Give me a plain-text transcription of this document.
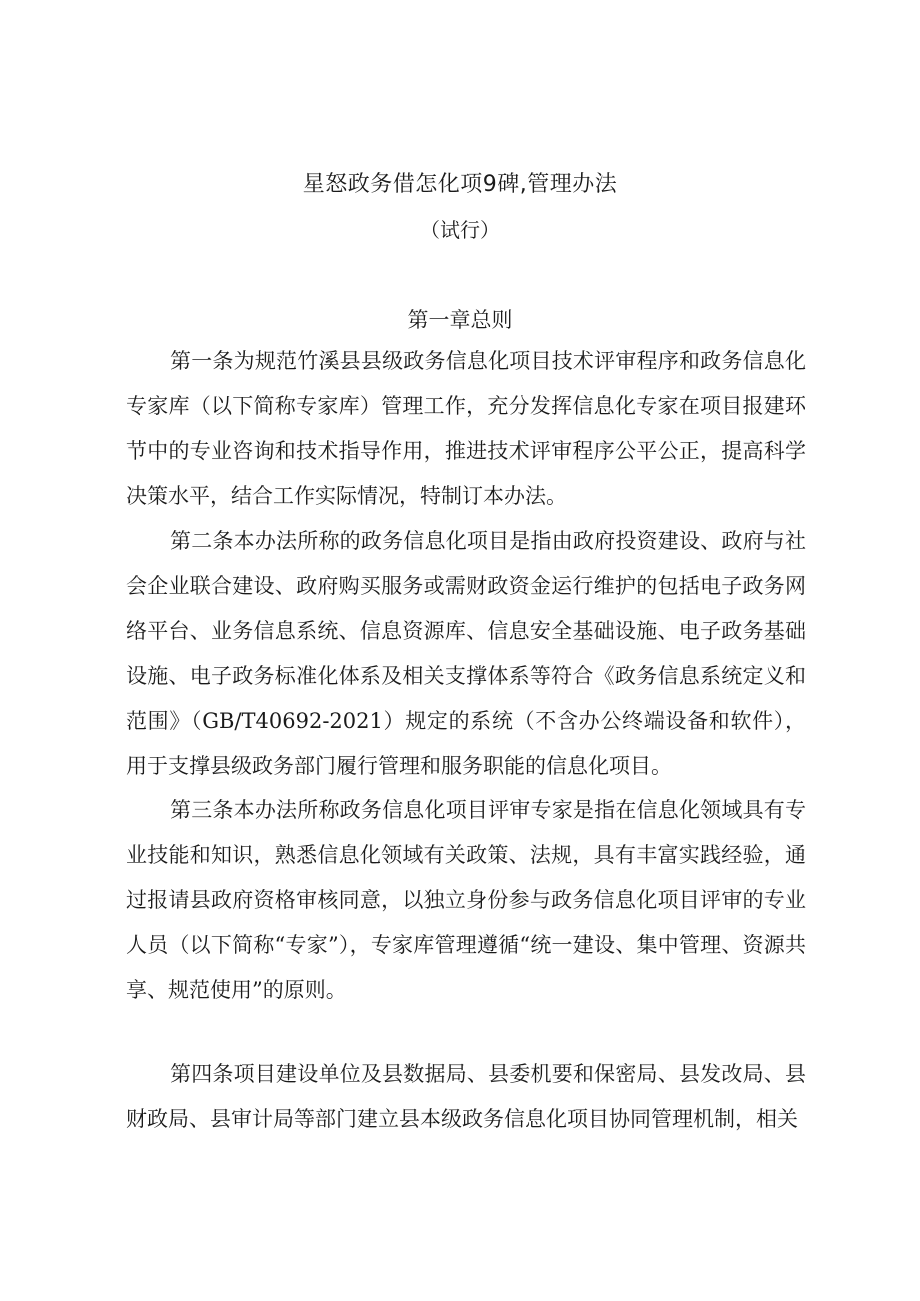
星怒政务借怎化项9碑,管理办法
（试行）
第一章总则

第一条为规范竹溪县县级政务信息化项目技术评审程序和政务信息化专家库（以下简称专家库）管理工作，充分发挥信息化专家在项目报建环节中的专业咨询和技术指导作用，推进技术评审程序公平公正，提高科学决策水平，结合工作实际情况，特制订本办法。

第二条本办法所称的政务信息化项目是指由政府投资建设、政府与社会企业联合建设、政府购买服务或需财政资金运行维护的包括电子政务网络平台、业务信息系统、信息资源库、信息安全基础设施、电子政务基础设施、电子政务标准化体系及相关支撑体系等符合《政务信息系统定义和范围》（GB/T40692-2021）规定的系统（不含办公终端设备和软件），用于支撑县级政务部门履行管理和服务职能的信息化项目。

第三条本办法所称政务信息化项目评审专家是指在信息化领域具有专业技能和知识，熟悉信息化领域有关政策、法规，具有丰富实践经验，通过报请县政府资格审核同意，以独立身份参与政务信息化项目评审的专业人员（以下简称“专家”），专家库管理遵循“统一建设、集中管理、资源共享、规范使用”的原则。

第四条项目建设单位及县数据局、县委机要和保密局、县发改局、县财政局、县审计局等部门建立县本级政务信息化项目协同管理机制，相关
